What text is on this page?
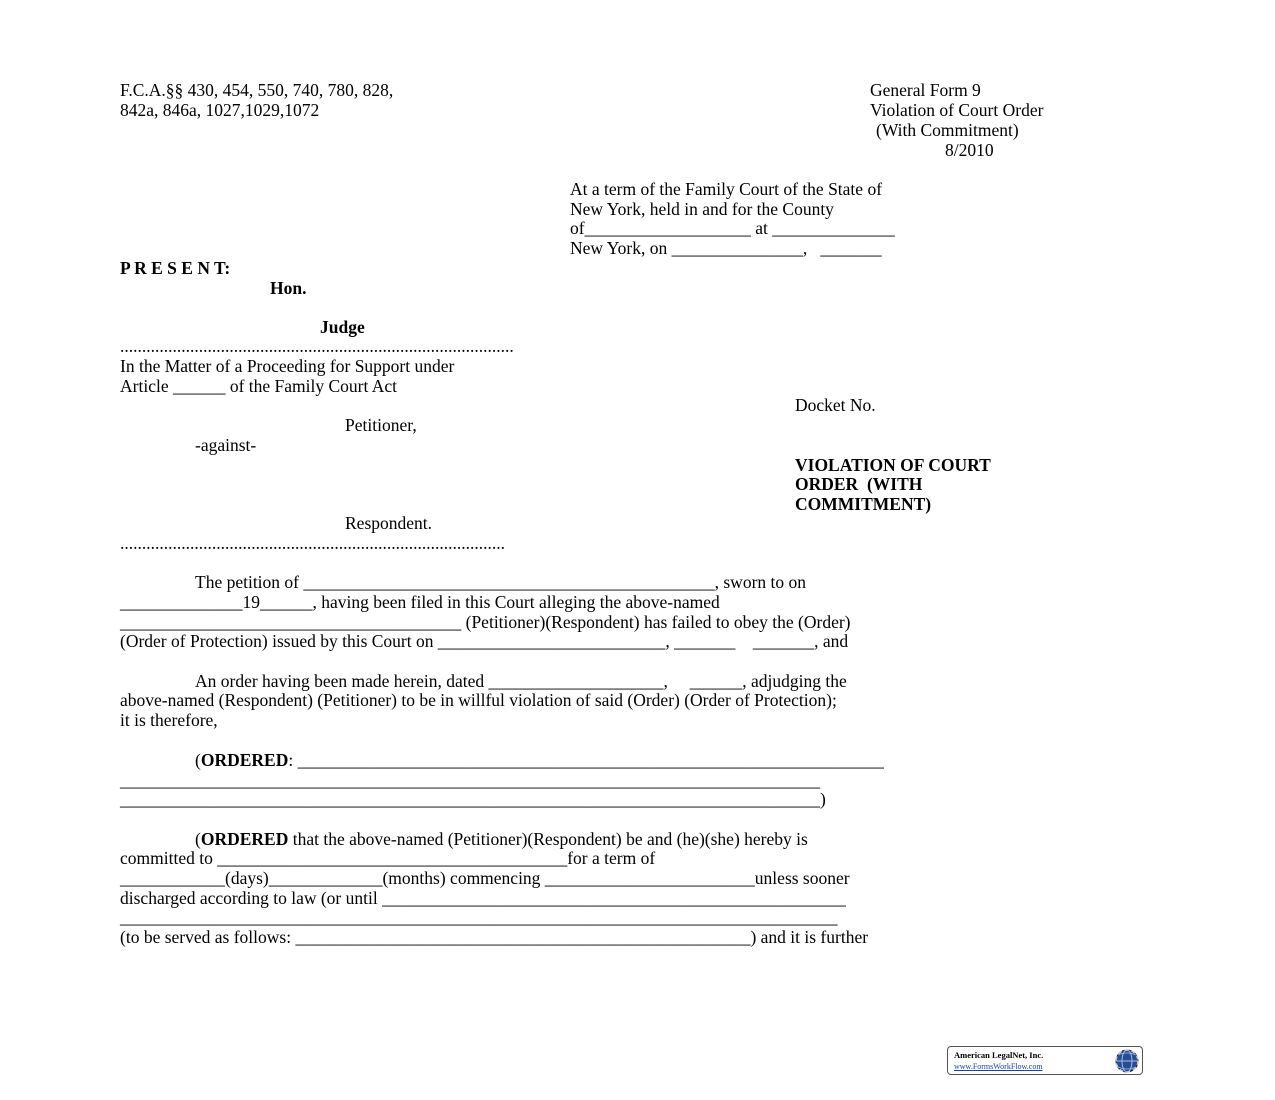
F.C.A.§§ 430, 454, 550, 740, 780, 828,
842a, 846a, 1027,1029,1072
General Form 9
Violation of Court Order
(With Commitment)
8/2010
At a term of the Family Court of the State of
New York, held in and for the County
of___________________ at ______________
New York, on _______________,   _______
P R E S E N T:
Hon.
Judge
..........................................................................................
In the Matter of a Proceeding for Support under
Article ______ of the Family Court Act
Docket No.
Petitioner,
-against-
VIOLATION OF COURT
ORDER  (WITH
COMMITMENT)
Respondent.
........................................................................................
The petition of _______________________________________________, sworn to on
______________19______, having been filed in this Court alleging the above-named
_______________________________________ (Petitioner)(Respondent) has failed to obey the (Order)
(Order of Protection) issued by this Court on __________________________, _______    _______, and
An order having been made herein, dated ____________________,     ______, adjudging the
above-named (Respondent) (Petitioner) to be in willful violation of said (Order) (Order of Protection);
it is therefore,
(ORDERED: ___________________________________________________________________
________________________________________________________________________________
________________________________________________________________________________)
(ORDERED that the above-named (Petitioner)(Respondent) be and (he)(she) hereby is
committed to ________________________________________for a term of
____________(days)_____________(months) commencing ________________________unless sooner
discharged according to law (or until _____________________________________________________
__________________________________________________________________________________
(to be served as follows: ____________________________________________________) and it is further
American LegalNet, Inc.
www.FormsWorkFlow.com
